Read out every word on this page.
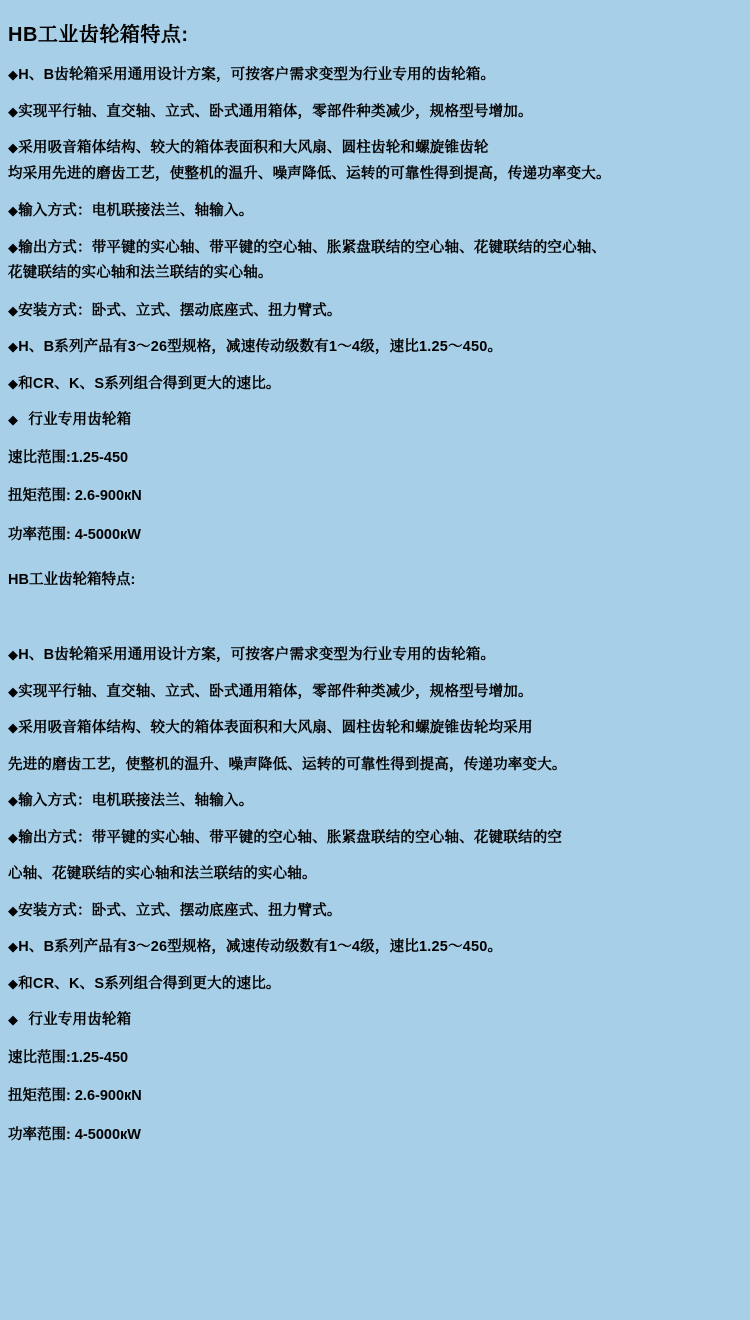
HB工业齿轮箱特点:
◆H、B齿轮箱采用通用设计方案，可按客户需求变型为行业专用的齿轮箱。
◆实现平行轴、直交轴、立式、卧式通用箱体，零部件种类减少，规格型号增加。
◆采用吸音箱体结构、较大的箱体表面积和大风扇、圆柱齿轮和螺旋锥齿轮
均采用先进的磨齿工艺，使整机的温升、噪声降低、运转的可靠性得到提高，传递功率变大。
◆输入方式：电机联接法兰、轴输入。
◆输出方式：带平键的实心轴、带平键的空心轴、胀紧盘联结的空心轴、花键联结的空心轴、
花键联结的实心轴和法兰联结的实心轴。
◆安装方式：卧式、立式、摆动底座式、扭力臂式。
◆H、B系列产品有3～26型规格，减速传动级数有1～4级，速比1.25～450。
◆和CR、K、S系列组合得到更大的速比。
◆ 行业专用齿轮箱
速比范围:1.25-450
扭矩范围: 2.6-900кN
功率范围: 4-5000кW
HB工业齿轮箱特点:
◆H、B齿轮箱采用通用设计方案，可按客户需求变型为行业专用的齿轮箱。
◆实现平行轴、直交轴、立式、卧式通用箱体，零部件种类减少，规格型号增加。
◆采用吸音箱体结构、较大的箱体表面积和大风扇、圆柱齿轮和螺旋锥齿轮均采用
先进的磨齿工艺，使整机的温升、噪声降低、运转的可靠性得到提高，传递功率变大。
◆输入方式：电机联接法兰、轴输入。
◆输出方式：带平键的实心轴、带平键的空心轴、胀紧盘联结的空心轴、花键联结的空
心轴、花键联结的实心轴和法兰联结的实心轴。
◆安装方式：卧式、立式、摆动底座式、扭力臂式。
◆H、B系列产品有3～26型规格，减速传动级数有1～4级，速比1.25～450。
◆和CR、K、S系列组合得到更大的速比。
◆ 行业专用齿轮箱
速比范围:1.25-450
扭矩范围: 2.6-900кN
功率范围: 4-5000кW
